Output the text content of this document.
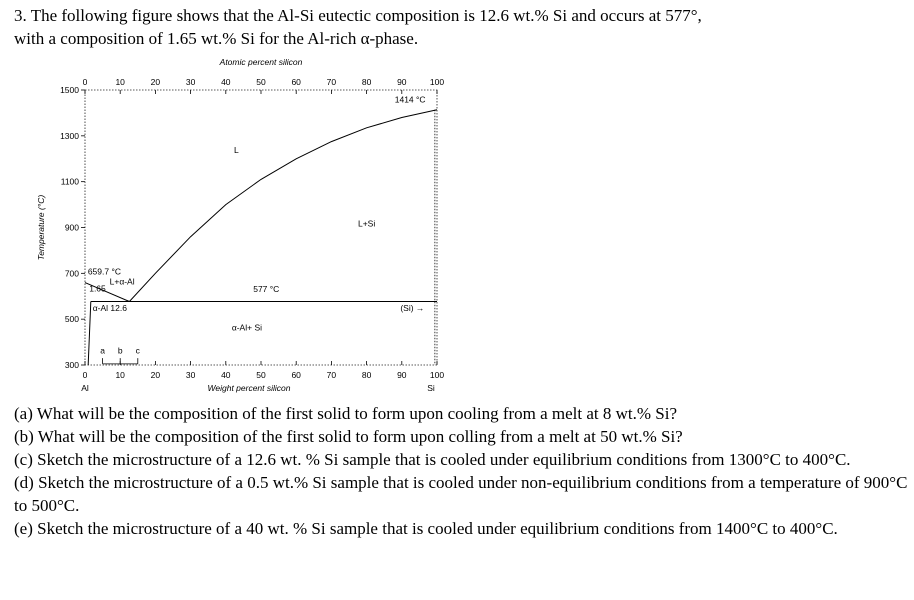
3. The following figure shows that the Al-Si eutectic composition is 12.6 wt.% Si and occurs at 577°,
with a composition of 1.65 wt.% Si for the Al-rich α-phase.
0	10	20	30	40	50	60	70	80	90	100
0	10	20	30	40	50	60	70	80	90	100
1500
1300
1100
900
700
500
300
Atomic percent silicon
Weight percent silicon
Temperature (°C)
Al	Si
659.7 °C
1414 °C
577 °C
L
L+Si
L+α-Al
1.65
α-Al 12.6
α-Al+ Si
(Si) →
a b c

(a) What will be the composition of the first solid to form upon cooling from a melt at 8 wt.% Si?

(b) What will be the composition of the first solid to form upon colling from a melt at 50 wt.% Si?

(c) Sketch the microstructure of a 12.6 wt. % Si sample that is cooled under equilibrium conditions from 1300°C to 400°C.

(d) Sketch the microstructure of a 0.5 wt.% Si sample that is cooled under non-equilibrium conditions from a temperature of 900°C to 500°C.

(e) Sketch the microstructure of a 40 wt. % Si sample that is cooled under equilibrium conditions from 1400°C to 400°C.
